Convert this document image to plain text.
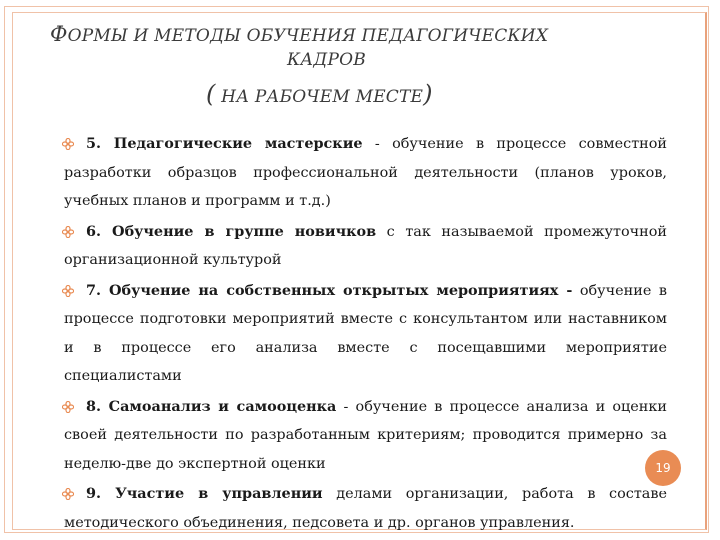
ФОРМЫ И МЕТОДЫ ОБУЧЕНИЯ ПЕДАГОГИЧЕСКИХ
КАДРОВ
( НА РАБОЧЕМ МЕСТЕ)

5. Педагогические мастерские - обучение в процессе совместной разработки образцов профессиональной деятельности (планов уроков, учебных планов и программ и т.д.)

6. Обучение в группе новичков с так называемой промежуточной организационной культурой

7. Обучение на собственных открытых мероприятиях - обучение в процессе подготовки мероприятий вместе с консультантом или наставником и в процессе его анализа вместе с посещавшими мероприятие специалистами

8. Самоанализ и самооценка - обучение в процессе анализа и оценки своей деятельности по разработанным критериям; проводится примерно за неделю-две до экспертной оценки

9. Участие в управлении делами организации, работа в составе методического объединения, педсовета и др. органов управления.

19
